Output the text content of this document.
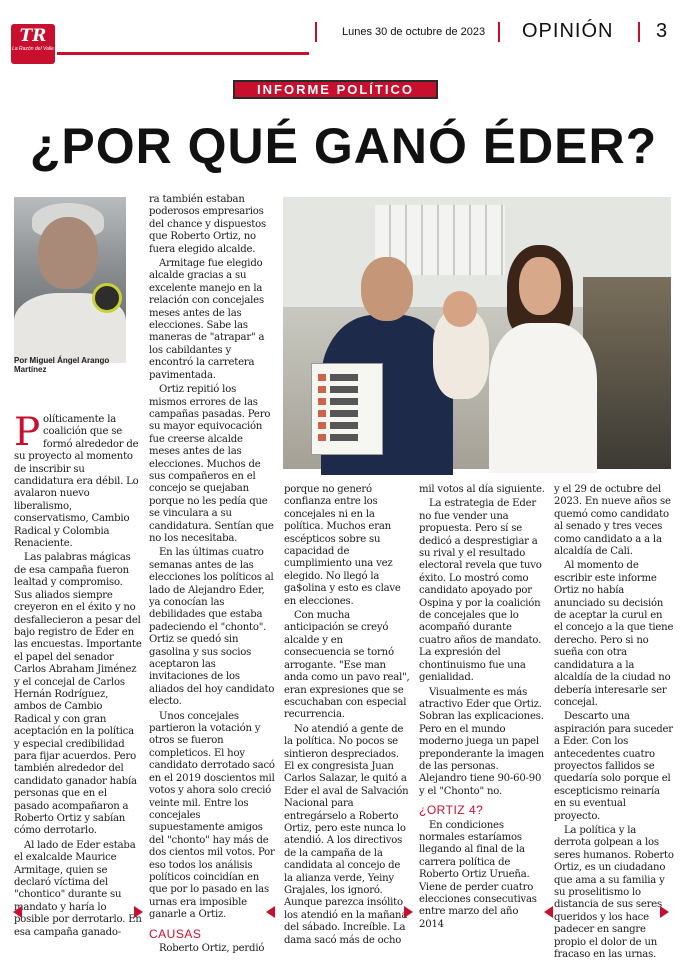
TR
La Razón del Valle
Lunes 30 de octubre de 2023 OPINIÓN 3
INFORME POLÍTICO
¿POR QUÉ GANÓ ÉDER?
Por Miguel Ángel Arango Martínez

Políticamente la coalición que se formó alrededor de su proyecto al momento de inscribir su candidatura era débil. Lo avalaron nuevo liberalismo, conservatismo, Cambio Radical y Colombia Renaciente.

Las palabras mágicas de esa campaña fueron lealtad y compromiso. Sus aliados siempre creyeron en el éxito y no desfallecieron a pesar del bajo registro de Eder en las encuestas. Importante el papel del senador Carlos Abraham Jiménez y el concejal de Carlos Hernán Rodríguez, ambos de Cambio Radical y con gran aceptación en la política y especial credibilidad para fijar acuerdos. Pero también alrededor del candidato ganador había personas que en el pasado acompañaron a Roberto Ortiz y sabían cómo derrotarlo.

Al lado de Eder estaba el exalcalde Maurice Armitage, quien se declaró víctima del "chontico" durante su mandato y haría lo posible por derrotarlo. En esa campaña ganado-

ra también estaban poderosos empresarios del chance y dispuestos que Roberto Ortiz, no fuera elegido alcalde.

Armitage fue elegido alcalde gracias a su excelente manejo en la relación con concejales meses antes de las elecciones. Sabe las maneras de "atrapar" a los cabildantes y encontró la carretera pavimentada.

Ortiz repitió los mismos errores de las campañas pasadas. Pero su mayor equivocación fue creerse alcalde meses antes de las elecciones. Muchos de sus compañeros en el concejo se quejaban porque no les pedía que se vinculara a su candidatura. Sentían que no los necesitaba.

En las últimas cuatro semanas antes de las elecciones los políticos al lado de Alejandro Eder, ya conocían las debilidades que estaba padeciendo el "chonto". Ortiz se quedó sin gasolina y sus socios aceptaron las invitaciones de los aliados del hoy candidato electo.

Unos concejales partieron la votación y otros se fueron completicos. El hoy candidato derrotado sacó en el 2019 doscientos mil votos y ahora solo creció veinte mil. Entre los concejales supuestamente amigos del "chonto" hay más de dos cientos mil votos. Por eso todos los análisis políticos coincidían en que por lo pasado en las urnas era imposible ganarle a Ortiz.

CAUSAS

Roberto Ortiz, perdió

porque no generó confianza entre los concejales ni en la política. Muchos eran escépticos sobre su capacidad de cumplimiento una vez elegido. No llegó la ga$olina y esto es clave en elecciones.

Con mucha anticipación se creyó alcalde y en consecuencia se tornó arrogante. "Ese man anda como un pavo real", eran expresiones que se escuchaban con especial recurrencia.

No atendió a gente de la política. No pocos se sintieron despreciados. El ex congresista Juan Carlos Salazar, le quitó a Eder el aval de Salvación Nacional para entregárselo a Roberto Ortiz, pero este nunca lo atendió. A los directivos de la campaña de la candidata al concejo de la alianza verde, Yeiny Grajales, los ignoró. Aunque parezca insólito los atendió en la mañana del sábado. Increíble. La dama sacó más de ocho

mil votos al día siguiente.

La estrategia de Eder no fue vender una propuesta. Pero sí se dedicó a desprestigiar a su rival y el resultado electoral revela que tuvo éxito. Lo mostró como candidato apoyado por Ospina y por la coalición de concejales que lo acompañó durante cuatro años de mandato. La expresión del chontinuismo fue una genialidad.

Visualmente es más atractivo Eder que Ortiz. Sobran las explicaciones. Pero en el mundo moderno juega un papel preponderante la imagen de las personas. Alejandro tiene 90-60-90 y el "Chonto" no.

¿ORTIZ 4?

En condiciones normales estaríamos llegando al final de la carrera política de Roberto Ortiz Urueña. Viene de perder cuatro elecciones consecutivas entre marzo del año 2014

y el 29 de octubre del 2023. En nueve años se quemó como candidato al senado y tres veces como candidato a a la alcaldía de Cali.

Al momento de escribir este informe Ortiz no había anunciado su decisión de aceptar la curul en el concejo a la que tiene derecho. Pero si no sueña con otra candidatura a la alcaldía de la ciudad no debería interesarle ser concejal.

Descarto una aspiración para suceder a Eder. Con los antecedentes cuatro proyectos fallidos se quedaría solo porque el escepticismo reinaría en su eventual proyecto.

La política y la derrota golpean a los seres humanos. Roberto Ortiz, es un ciudadano que ama a su familia y su proselitismo lo distancia de sus seres queridos y los hace padecer en sangre propio el dolor de un fracaso en las urnas.
